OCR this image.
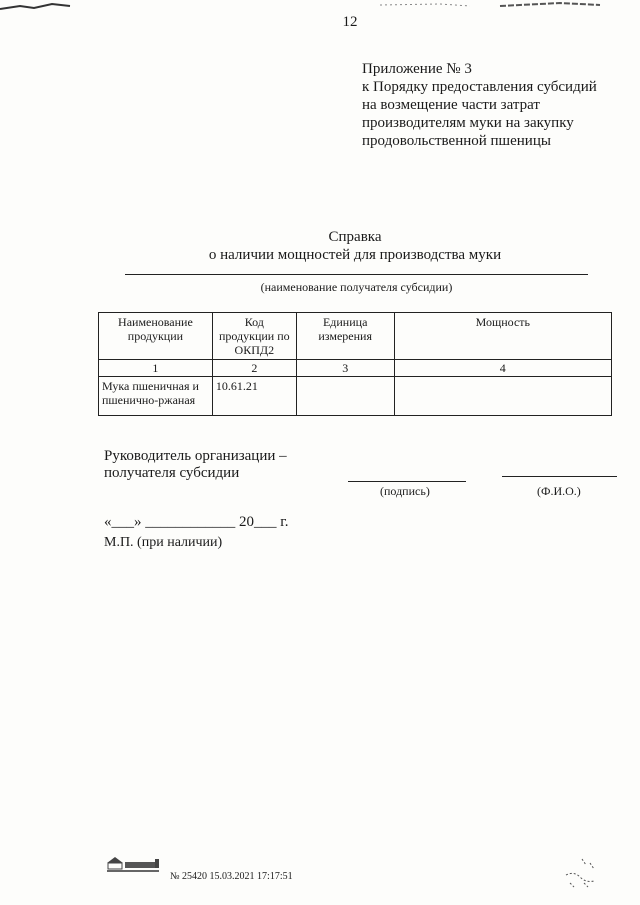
12
Приложение № 3
к Порядку предоставления субсидий
на возмещение части затрат
производителям муки на закупку
продовольственной пшеницы
Справка
о наличии мощностей для производства муки
(наименование получателя субсидии)
Наименование продукции	Код продукции по ОКПД2	Единица измерения	Мощность
1	2	3	4
Мука пшеничная и пшенично-ржаная	10.61.21		
Руководитель организации –
получателя субсидии
(подпись)	(Ф.И.О.)
«___» ____________ 20___ г.
М.П. (при наличии)
№ 25420 15.03.2021 17:17:51
